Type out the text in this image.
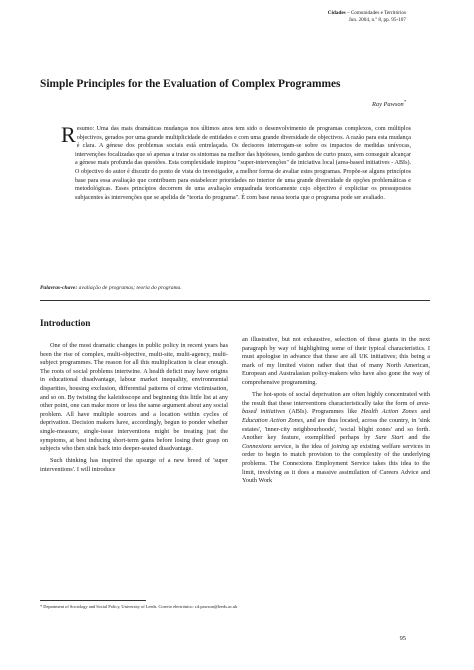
Cidades – Comunidades e Territórios
Jun. 2004, n.º 8, pp. 95-107
Simple Principles for the Evaluation of Complex Programmes
Ray Pawson*
Resumo: Uma das mais dramáticas mudanças nos últimos anos tem sido o desenvolvimento de programas complexos, com múltiplos objectivos, gerados por uma grande multiplicidade de entidades e com uma grande diversidade de objectivos. A razão para esta mudança é clara. A génese dos problemas sociais está entrelaçada. Os decisores interrogam-se sobre os impactos de medidas unívocas, intervenções focalizadas que só apenas a tratar os sintomas na melhor das hipóteses, tendo ganhos de curto prazo, sem conseguir alcançar a génese mais profunda das questões. Esta complexidade inspirou "super-intervenções" de iniciativa local (area-based initiatives - ABIs). O objectivo do autor é discutir do ponto de vista do investigador, a melhor forma de avaliar estes programas. Propõe-se alguns princípios base para essa avaliação que contribuem para estabelecer prioridades no interior de uma grande diversidade de opções problemáticas e metodológicas. Esses princípios decorrem de uma avaliação enquadrada teoricamente cujo objectivo é explicitar os pressupostos subjacentes às intervenções que se apelida de "teoria do programa". É com base nessa teoria que o programa pode ser avaliado.
Palavras-chave: avaliação de programas; teoria do programa.
Introduction

One of the most dramatic changes in public policy in recent years has been the rise of complex, multi-objective, multi-site, multi-agency, multi-subject programmes. The reason for all this multiplication is clear enough. The roots of social problems intertwine. A health deficit may have origins in educational disadvantage, labour market inequality, environmental disparities, housing exclusion, differential patterns of crime victimisation, and so on. By twisting the kaleidoscope and beginning this little list at any other point, one can make more or less the same argument about any social problem. All have multiple sources and a location within cycles of deprivation. Decision makers have, accordingly, begun to ponder whether single-measure, single-issue interventions might be treating just the symptoms, at best inducing short-term gains before losing their grasp on subjects who then sink back into deeper-seated disadvantage.

Such thinking has inspired the upsurge of a new breed of 'super interventions'. I will introduce

an illustrative, but not exhaustive, selection of these giants in the next paragraph by way of highlighting some of their typical characteristics. I must apologise in advance that these are all UK initiatives; this being a mark of my limited vision rather that that of many North American, European and Australasian policy-makers who have also gone the way of comprehensive programming.

The hot-spots of social deprivation are often highly concentrated with the result that these interventions characteristically take the form of area-based initiatives (ABIs). Programmes like Health Action Zones and Education Action Zones, and are thus located, across the country, in 'sink estates', 'inner-city neighbourhoods', 'social blight zones' and so forth. Another key feature, exemplified perhaps by Sure Start and the Connexions service, is the idea of joining up existing welfare services in order to begin to match provision to the complexity of the underlying problems. The Connexions Employment Service takes this idea to the limit, involving as it does a massive assimilation of Careers Advice and Youth Work

* Department of Sociology and Social Policy, University of Leeds. Correio electrónico: r.d.pawson@leeds.ac.uk
95
